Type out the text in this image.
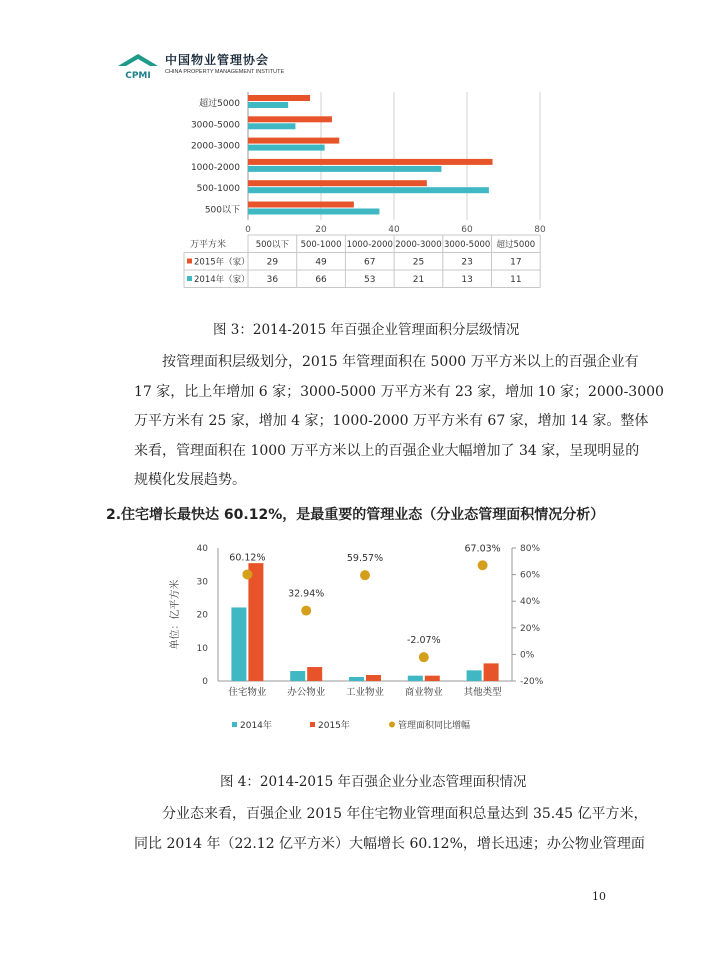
CPMI
中国物业管理协会
CHINA PROPERTY MANAGEMENT INSTITUTE
0	20	40	60	80
500以下
500-1000
1000-2000
2000-3000
3000-5000
超过5000
万平方米	500以下 500-1000 1000-2000 2000-3000 3000-5000 超过5000
2015年（家） 29	49	67	25	23	17
2014年（家） 36	66	53	21	13	11
图 3：2014-2015 年百强企业管理面积分层级情况
按管理面积层级划分，2015 年管理面积在 5000 万平方米以上的百强企业有
17 家，比上年增加 6 家；3000-5000 万平方米有 23 家，增加 10 家；2000-3000
万平方米有 25 家，增加 4 家；1000-2000 万平方米有 67 家，增加 14 家。整体
来看，管理面积在 1000 万平方米以上的百强企业大幅增加了 34 家，呈现明显的
规模化发展趋势。
2.住宅增长最快达 60.12%，是最重要的管理业态（分业态管理面积情况分析）
0
10
20
30
40
-20%
0%
20%
40%
60%
80%
单位：亿平方米
住宅物业
60.12%
办公物业
32.94%
工业物业
59.57%
商业物业
-2.07%
其他类型
67.03%
2014年	2015年	管理面积同比增幅
图 4：2014-2015 年百强企业分业态管理面积情况
分业态来看，百强企业 2015 年住宅物业管理面积总量达到 35.45 亿平方米，
同比 2014 年（22.12 亿平方米）大幅增长 60.12%，增长迅速；办公物业管理面
10
